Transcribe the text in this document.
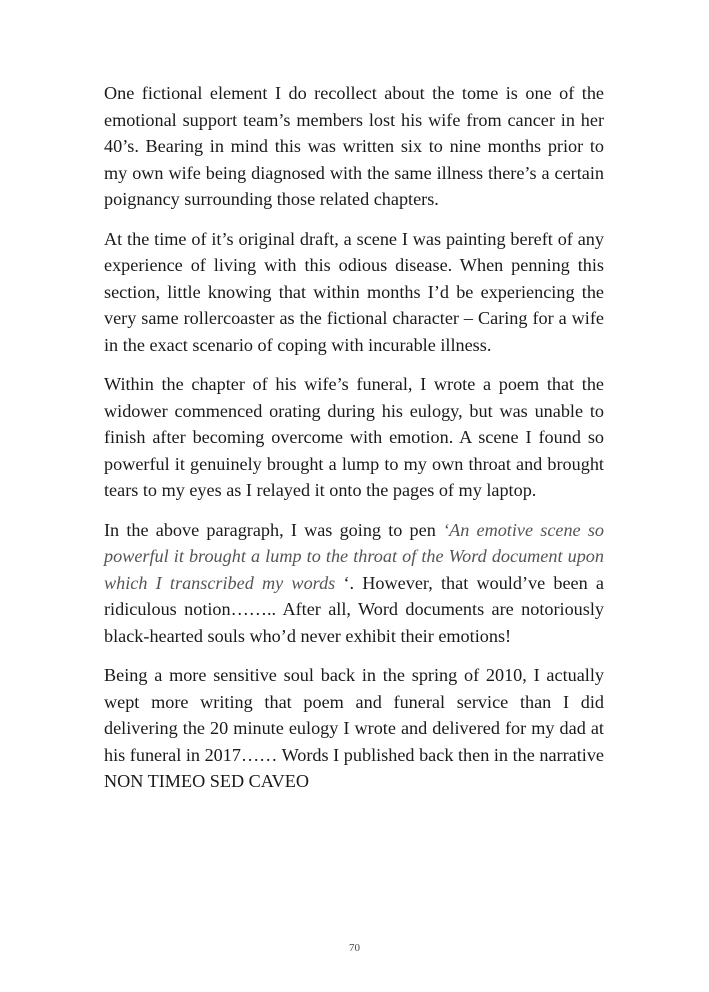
One fictional element I do recollect about the tome is one of the emotional support team’s members lost his wife from cancer in her 40’s. Bearing in mind this was written six to nine months prior to my own wife being diagnosed with the same illness there’s a certain poignancy surrounding those related chapters.

At the time of it’s original draft, a scene I was painting bereft of any experience of living with this odious disease. When penning this section, little knowing that within months I’d be experiencing the very same rollercoaster as the fictional character – Caring for a wife in the exact scenario of coping with incurable illness.

Within the chapter of his wife’s funeral, I wrote a poem that the widower commenced orating during his eulogy, but was unable to finish after becoming overcome with emotion. A scene I found so powerful it genuinely brought a lump to my own throat and brought tears to my eyes as I relayed it onto the pages of my laptop.

In the above paragraph, I was going to pen ‘An emotive scene so powerful it brought a lump to the throat of the Word document upon which I transcribed my words ‘. However, that would’ve been a ridiculous notion…….. After all, Word documents are notoriously black-hearted souls who’d never exhibit their emotions!

Being a more sensitive soul back in the spring of 2010, I actually wept more writing that poem and funeral service than I did delivering the 20 minute eulogy I wrote and delivered for my dad at his funeral in 2017…… Words I published back then in the narrative NON TIMEO SED CAVEO

70
